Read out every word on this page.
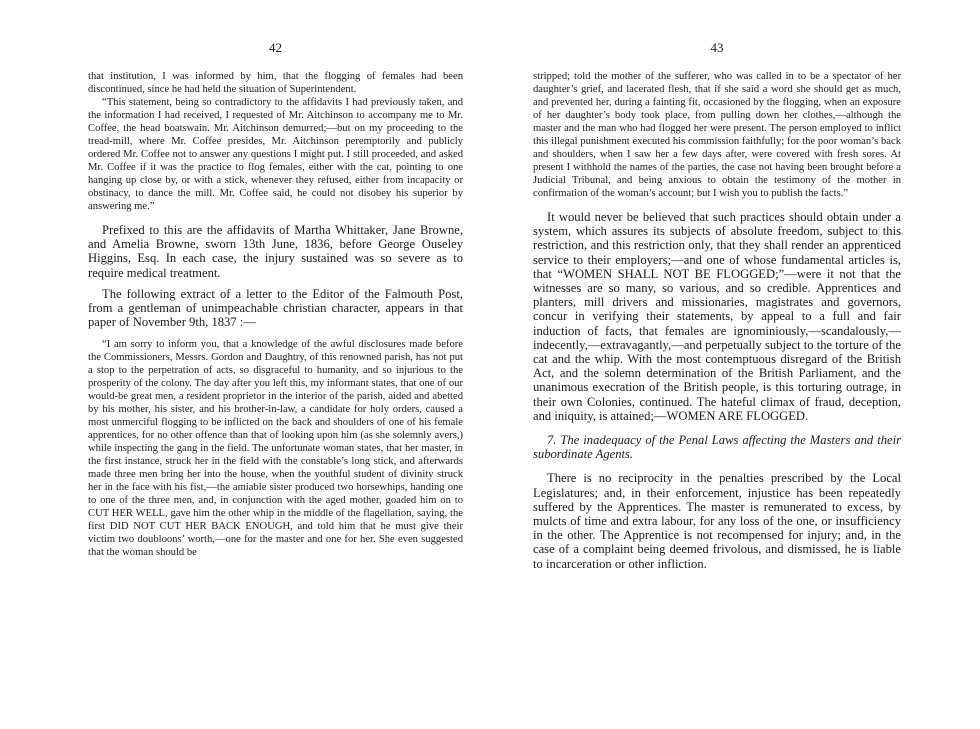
42

that institution, I was informed by him, that the flogging of females had been discontinued, since he had held the situation of Superintendent.

“This statement, being so contradictory to the affidavits I had previously taken, and the information I had received, I requested of Mr. Aitchinson to accompany me to Mr. Coffee, the head boatswain. Mr. Aitchinson demurred;—but on my proceeding to the tread-mill, where Mr. Coffee presides, Mr. Aitchinson peremptorily and publicly ordered Mr. Coffee not to answer any questions I might put. I still proceeded, and asked Mr. Coffee if it was the practice to flog females, either with the cat, pointing to one hanging up close by, or with a stick, whenever they refused, either from incapacity or obstinacy, to dance the mill. Mr. Coffee said, he could not disobey his superior by answering me.”

Prefixed to this are the affidavits of Martha Whittaker, Jane Browne, and Amelia Browne, sworn 13th June, 1836, before George Ouseley Higgins, Esq. In each case, the injury sustained was so severe as to require medical treatment.

The following extract of a letter to the Editor of the Falmouth Post, from a gentleman of unimpeachable christian character, appears in that paper of November 9th, 1837 :—

“I am sorry to inform you, that a knowledge of the awful disclosures made before the Commissioners, Messrs. Gordon and Daughtry, of this renowned parish, has not put a stop to the perpetration of acts, so disgraceful to humanity, and so injurious to the prosperity of the colony. The day after you left this, my informant states, that one of our would-be great men, a resident proprietor in the interior of the parish, aided and abetted by his mother, his sister, and his brother-in-law, a candidate for holy orders, caused a most unmerciful flogging to be inflicted on the back and shoulders of one of his female apprentices, for no other offence than that of looking upon him (as she solemnly avers,) while inspecting the gang in the field. The unfortunate woman states, that her master, in the first instance, struck her in the field with the constable’s long stick, and afterwards made three men bring her into the house, when the youthful student of divinity struck her in the face with his fist,—the amiable sister produced two horsewhips, handing one to one of the three men, and, in conjunction with the aged mother, goaded him on to CUT HER WELL, gave him the other whip in the middle of the flagellation, saying, the first DID NOT CUT HER BACK ENOUGH, and told him that he must give their victim two doubloons’ worth,—one for the master and one for her. She even suggested that the woman should be

43

stripped; told the mother of the sufferer, who was called in to be a spectator of her daughter’s grief, and lacerated flesh, that if she said a word she should get as much, and prevented her, during a fainting fit, occasioned by the flogging, when an exposure of her daughter’s body took place, from pulling down her clothes,—although the master and the man who had flogged her were present. The person employed to inflict this illegal punishment executed his commission faithfully; for the poor woman’s back and shoulders, when I saw her a few days after, were covered with fresh sores. At present I withhold the names of the parties, the case not having been brought before a Judicial Tribunal, and being anxious to obtain the testimony of the mother in confirmation of the woman’s account; but I wish you to publish the facts.”

It would never be believed that such practices should obtain under a system, which assures its subjects of absolute freedom, subject to this restriction, and this restriction only, that they shall render an apprenticed service to their employers;—and one of whose fundamental articles is, that “WOMEN SHALL NOT BE FLOGGED;”—were it not that the witnesses are so many, so various, and so credible. Apprentices and planters, mill drivers and missionaries, magistrates and governors, concur in verifying their statements, by appeal to a full and fair induction of facts, that females are ignominiously,—scandalously,—indecently,—extravagantly,—and perpetually subject to the torture of the cat and the whip. With the most contemptuous disregard of the British Act, and the solemn determination of the British Parliament, and the unanimous execration of the British people, is this torturing outrage, in their own Colonies, continued. The hateful climax of fraud, deception, and iniquity, is attained;—WOMEN ARE FLOGGED.

7. The inadequacy of the Penal Laws affecting the Masters and their subordinate Agents.

There is no reciprocity in the penalties prescribed by the Local Legislatures; and, in their enforcement, injustice has been repeatedly suffered by the Apprentices. The master is remunerated to excess, by mulcts of time and extra labour, for any loss of the one, or insufficiency in the other. The Apprentice is not recompensed for injury; and, in the case of a complaint being deemed frivolous, and dismissed, he is liable to incarceration or other infliction.
